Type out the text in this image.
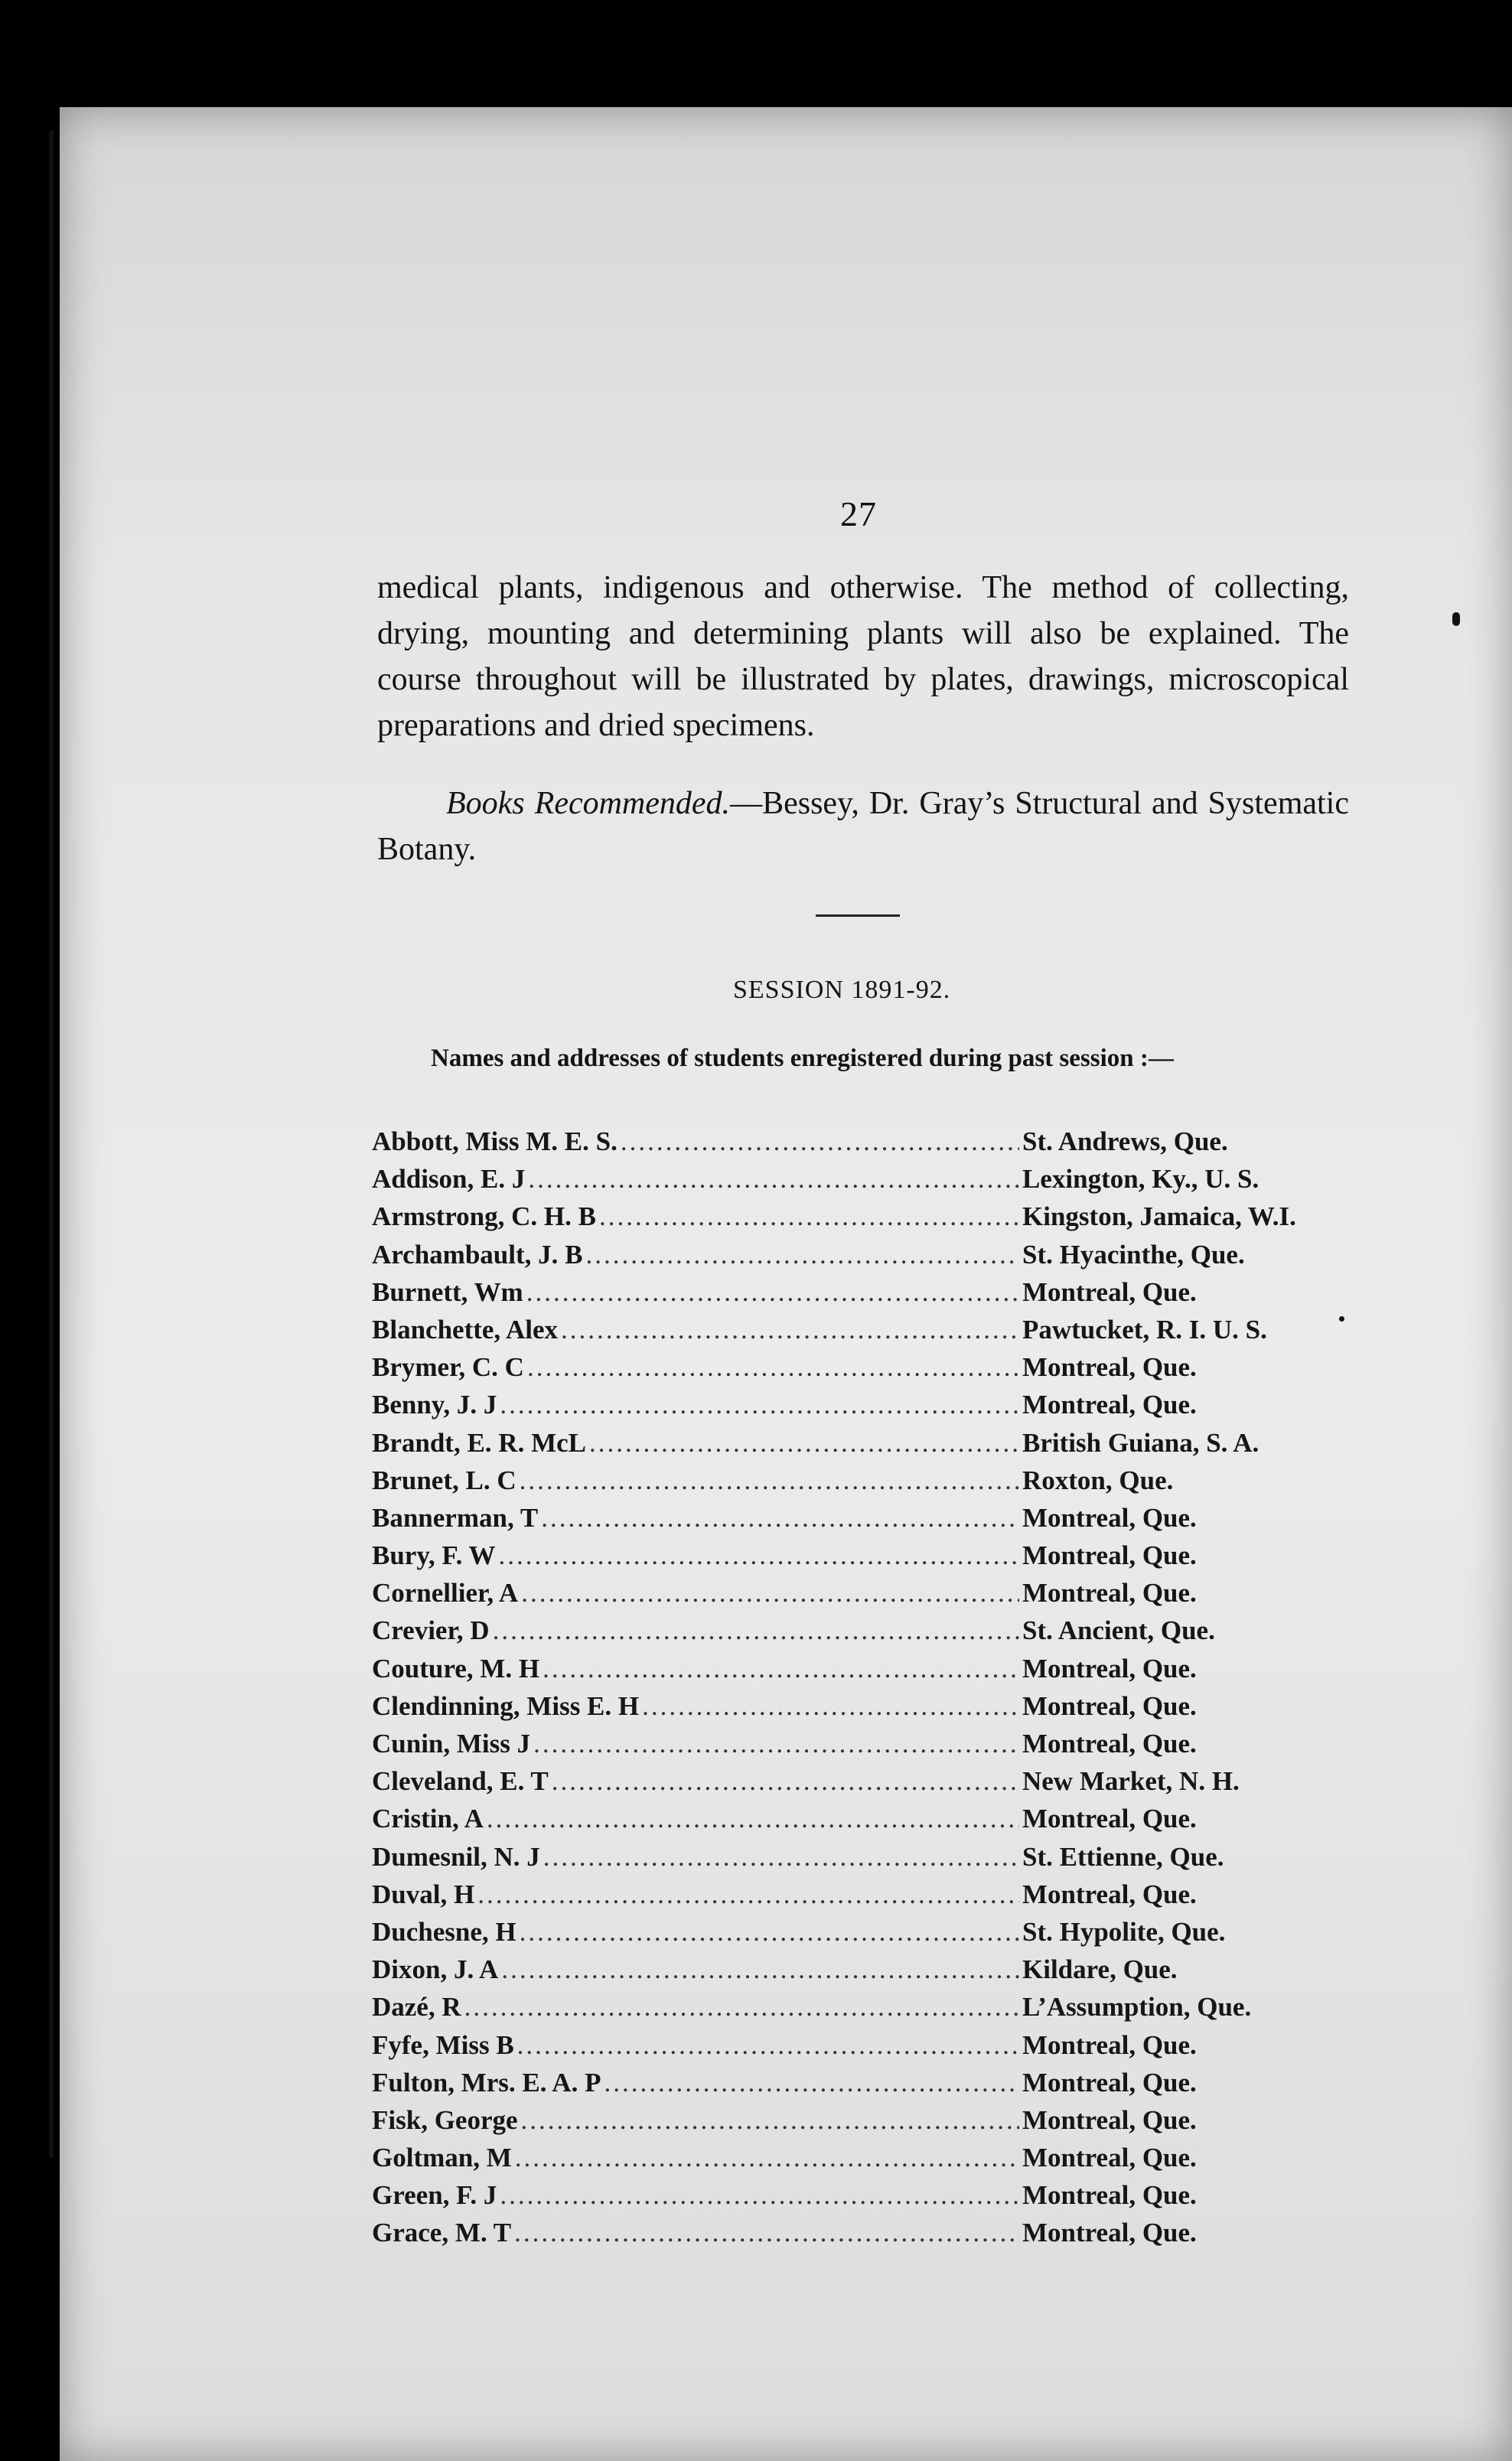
27
medical plants, indigenous and otherwise. The method of collecting, drying, mounting and determining plants will also be explained. The course throughout will be illustrated by plates, drawings, microscopical preparations and dried specimens.
Books Recommended.—Bessey, Dr. Gray’s Structural and Systematic Botany.
SESSION 1891-92.
Names and addresses of students enregistered during past session :—
Abbott, Miss M. E. S. .....	St. Andrews, Que.
Addison, E. J .....	Lexington, Ky., U. S.
Armstrong, C. H. B .....	Kingston, Jamaica, W.I.
Archambault, J. B .....	St. Hyacinthe, Que.
Burnett, Wm .....	Montreal, Que.
Blanchette, Alex .....	Pawtucket, R. I. U. S.
Brymer, C. C .....	Montreal, Que.
Benny, J. J .....	Montreal, Que.
Brandt, E. R. McL .....	British Guiana, S. A.
Brunet, L. C .....	Roxton, Que.
Bannerman, T .....	Montreal, Que.
Bury, F. W .....	Montreal, Que.
Cornellier, A .....	Montreal, Que.
Crevier, D .....	St. Ancient, Que.
Couture, M. H .....	Montreal, Que.
Clendinning, Miss E. H .....	Montreal, Que.
Cunin, Miss J .....	Montreal, Que.
Cleveland, E. T .....	New Market, N. H.
Cristin, A .....	Montreal, Que.
Dumesnil, N. J .....	St. Ettienne, Que.
Duval, H .....	Montreal, Que.
Duchesne, H .....	St. Hypolite, Que.
Dixon, J. A .....	Kildare, Que.
Dazé, R .....	L’Assumption, Que.
Fyfe, Miss B .....	Montreal, Que.
Fulton, Mrs. E. A. P .....	Montreal, Que.
Fisk, George .....	Montreal, Que.
Goltman, M .....	Montreal, Que.
Green, F. J .....	Montreal, Que.
Grace, M. T .....	Montreal, Que.
